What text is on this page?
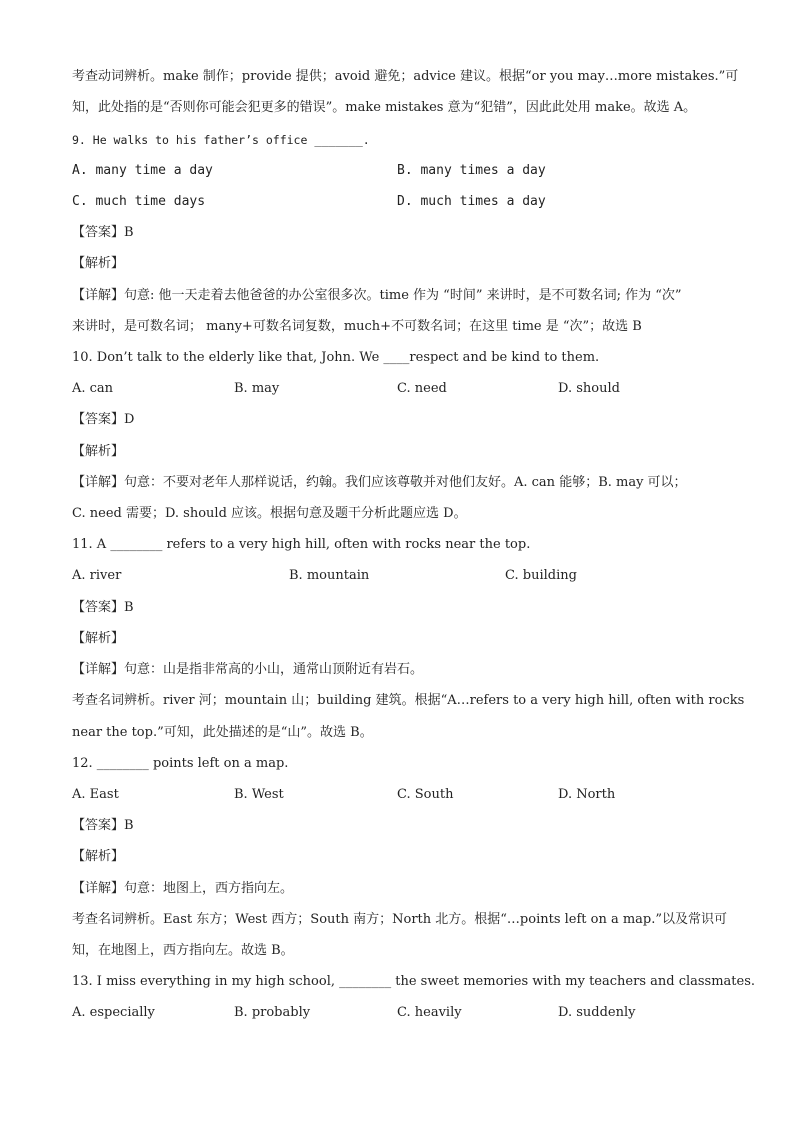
考查动词辨析。make 制作；provide 提供；avoid 避免；advice 建议。根据“or you may…more mistakes.”可
知，此处指的是“否则你可能会犯更多的错误”。make mistakes 意为“犯错”，因此此处用 make。故选 A。
9. He walks to his father’s office _______.
A. many time a day	B. many times a day
C. much time days	D. much times a day
【答案】B
【解析】
【详解】句意: 他一天走着去他爸爸的办公室很多次。time 作为 “时间” 来讲时，是不可数名词; 作为 “次”
来讲时，是可数名词； many+可数名词复数，much+不可数名词；在这里 time 是 “次”；故选 B
10. Don’t talk to the elderly like that, John. We ____respect and be kind to them.
A. can	B. may	C. need	D. should
【答案】D
【解析】
【详解】句意：不要对老年人那样说话，约翰。我们应该尊敬并对他们友好。A. can 能够；B. may 可以；
C. need 需要；D. should 应该。根据句意及题干分析此题应选 D。
11. A ________ refers to a very high hill, often with rocks near the top.
A. river	B. mountain	C. building
【答案】B
【解析】
【详解】句意：山是指非常高的小山，通常山顶附近有岩石。
考查名词辨析。river 河；mountain 山；building 建筑。根据“A…refers to a very high hill, often with rocks
near the top.”可知，此处描述的是“山”。故选 B。
12. ________ points left on a map.
A. East	B. West	C. South	D. North
【答案】B
【解析】
【详解】句意：地图上，西方指向左。
考查名词辨析。East 东方；West 西方；South 南方；North 北方。根据“…points left on a map.”以及常识可
知，在地图上，西方指向左。故选 B。
13. I miss everything in my high school, ________ the sweet memories with my teachers and classmates.
A. especially	B. probably	C. heavily	D. suddenly
